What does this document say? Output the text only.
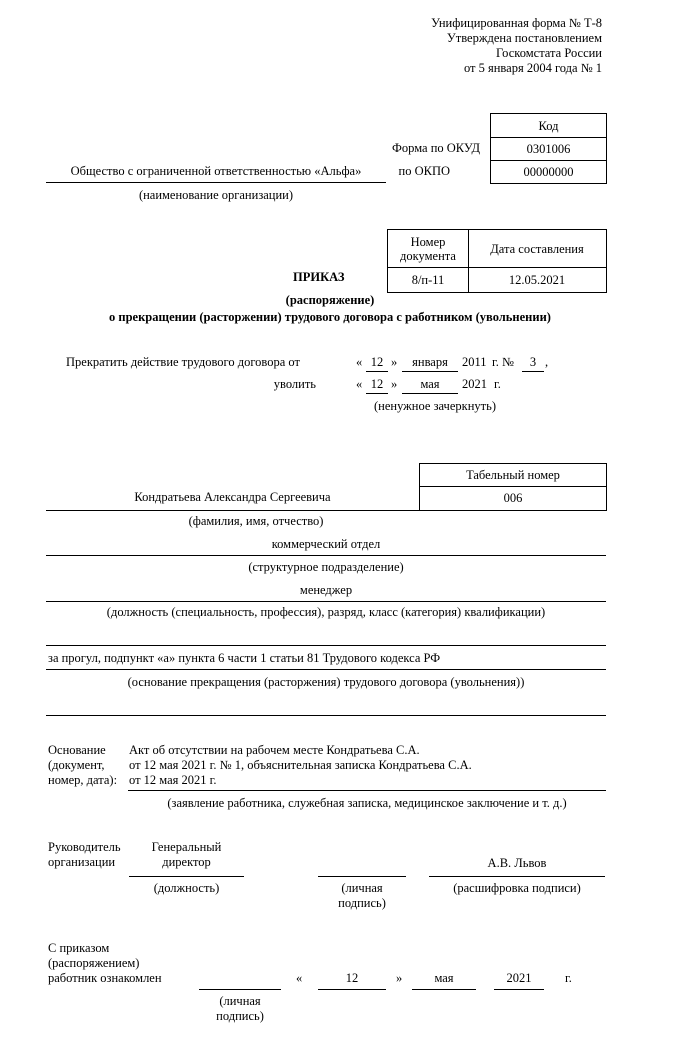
Унифицированная форма № Т-8
Утверждена постановлением
Госкомстата России
от 5 января 2004 года № 1
Код
0301006
00000000
Форма по ОКУД
Общество с ограниченной ответственностью «Альфа»	по ОКПО
(наименование организации)
Номер документа	Дата составления
8/п-11	12.05.2021
ПРИКАЗ
(распоряжение)
о прекращении (расторжении) трудового договора с работником (увольнении)
Прекратить действие трудового договора от	« 12 »	января	2011 г. №	3 ,
уволить	« 12 »	мая	2021 г.
(ненужное зачеркнуть)
Табельный номер
006
Кондратьева Александра Сергеевича
(фамилия, имя, отчество)
коммерческий отдел
(структурное подразделение)
менеджер
(должность (специальность, профессия), разряд, класс (категория) квалификации)
за прогул, подпункт «а» пункта 6 части 1 статьи 81 Трудового кодекса РФ
(основание прекращения (расторжения) трудового договора (увольнения))
Основание
(документ,
номер, дата):
Акт об отсутствии на рабочем месте Кондратьева С.А.
от 12 мая 2021 г. № 1, объяснительная записка Кондратьева С.А.
от 12 мая 2021 г.
(заявление работника, служебная записка, медицинское заключение и т. д.)
Руководитель
организации
Генеральный
директор
(должность)	(личная
подпись)
А.В. Львов
(расшифровка подписи)
С приказом
(распоряжением)
работник ознакомлен
(личная
подпись)
«	12	»	мая	2021	г.
